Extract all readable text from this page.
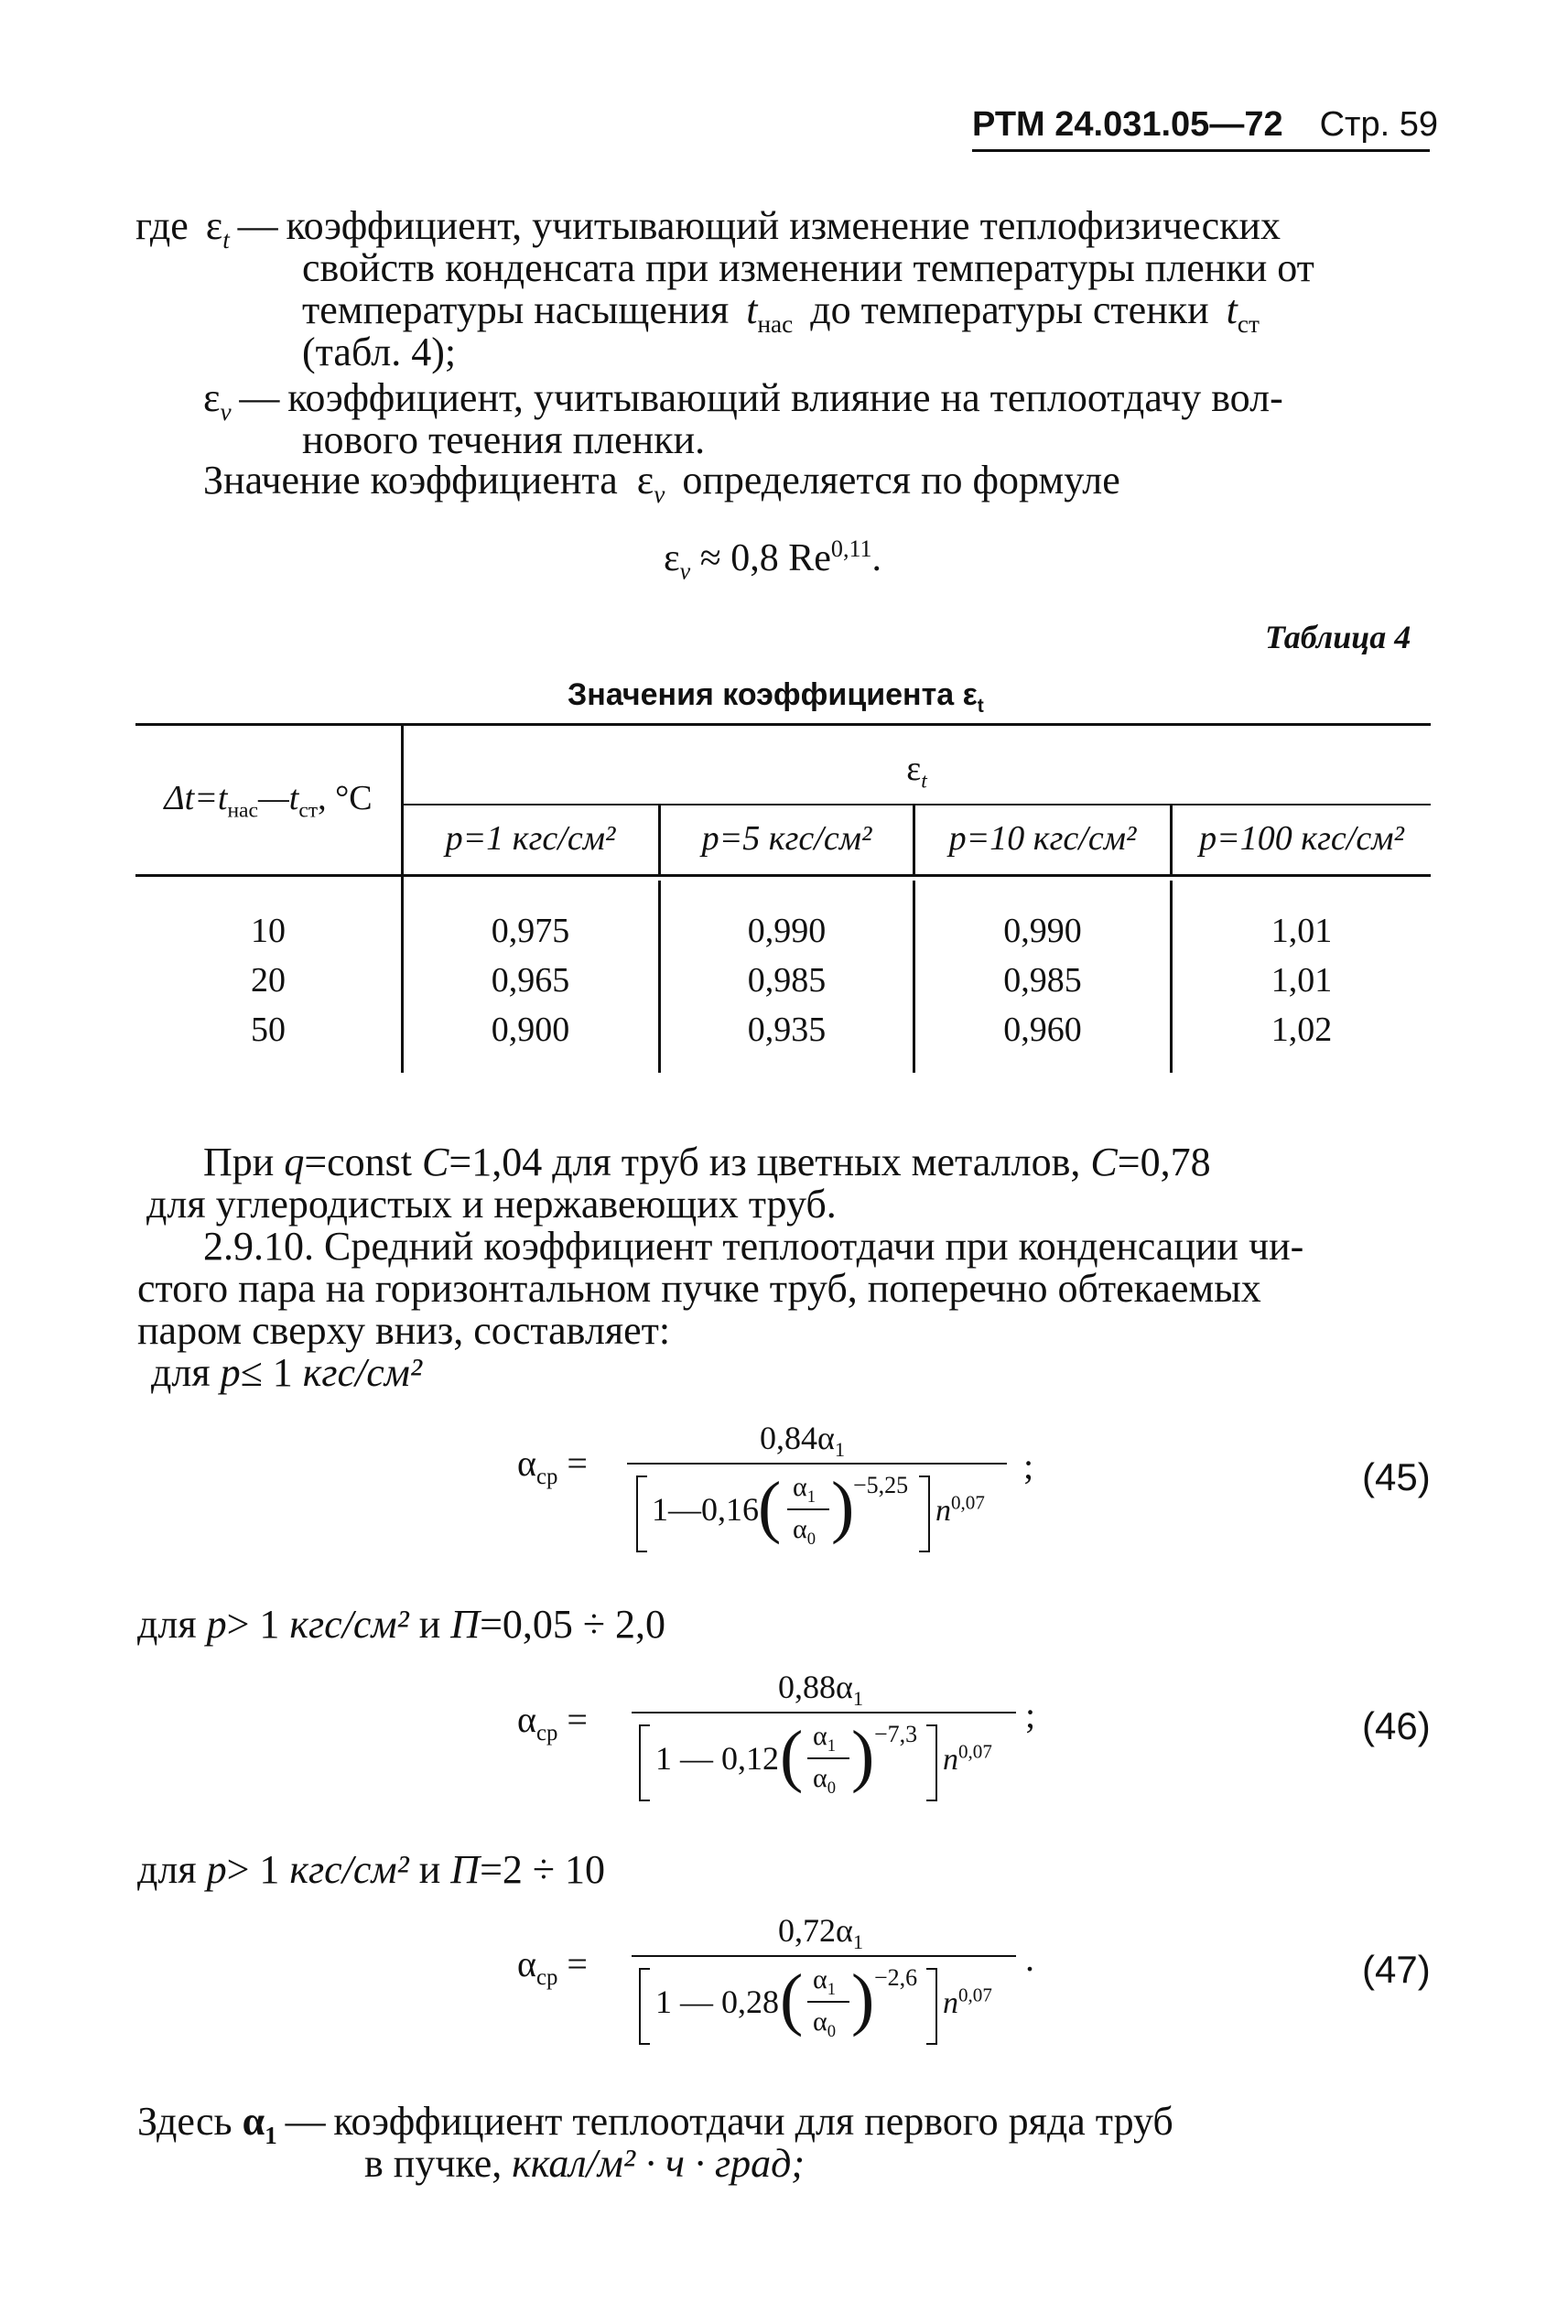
РТМ 24.031.05—72 Стр. 59
где $\varepsilon_t$ — коэффициент, учитывающий изменение теплофизических
свойств конденсата при изменении температуры пленки от
температуры насыщения $t_{нас}$ до температуры стенки $t_{ст}$
(табл. 4);
$\varepsilon_v$ — коэффициент, учитывающий влияние на теплоотдачу вол-
нового течения пленки.
Значение коэффициента $\varepsilon_v$ определяется по формуле
$\varepsilon_v \approx 0,8$ Re$^{0,11}$.
Таблица 4
Значения коэффициента $\varepsilon_t$
$\Delta t=t_{нас}—t_{ст}$, °C
$\varepsilon_t$
p=1 кгс/см²	p=5 кгс/см²	p=10 кгс/см²	p=100 кгс/см²
10	0,975	0,990	0,990	1,01
20	0,965	0,985	0,985	1,01
50	0,900	0,935	0,960	1,02
При q=const C=1,04 для труб из цветных металлов, C=0,78
для углеродистых и нержавеющих труб.
2.9.10. Средний коэффициент теплоотдачи при конденсации чи-
стого пара на горизонтальном пучке труб, поперечно обтекаемых
паром сверху вниз, составляет:
для p≤ 1 кгс/см²
$\alpha_{ср}$ =
$0,84\alpha_1$
1—0,16 ( $\alpha_1$
$\alpha_0$ )
−5,25
$n^{0,07}$
;	(45)
для p> 1 кгс/см² и П=0,05 ÷ 2,0
$\alpha_{ср}$ =
$0,88\alpha_1$
1 — 0,12 ( $\alpha_1$
$\alpha_0$ ) −7,3
$n^{0,07}$
;	(46)
для p> 1 кгс/см² и П=2 ÷ 10
$\alpha_{ср}$ =
$0,72\alpha_1$
1 — 0,28 ( $\alpha_1$
$\alpha_0$ ) −2,6
$n^{0,07}$
.	(47)
Здесь $\alpha_1$ — коэффициент теплоотдачи для первого ряда труб
в пучке, ккал/м² · ч · град;
